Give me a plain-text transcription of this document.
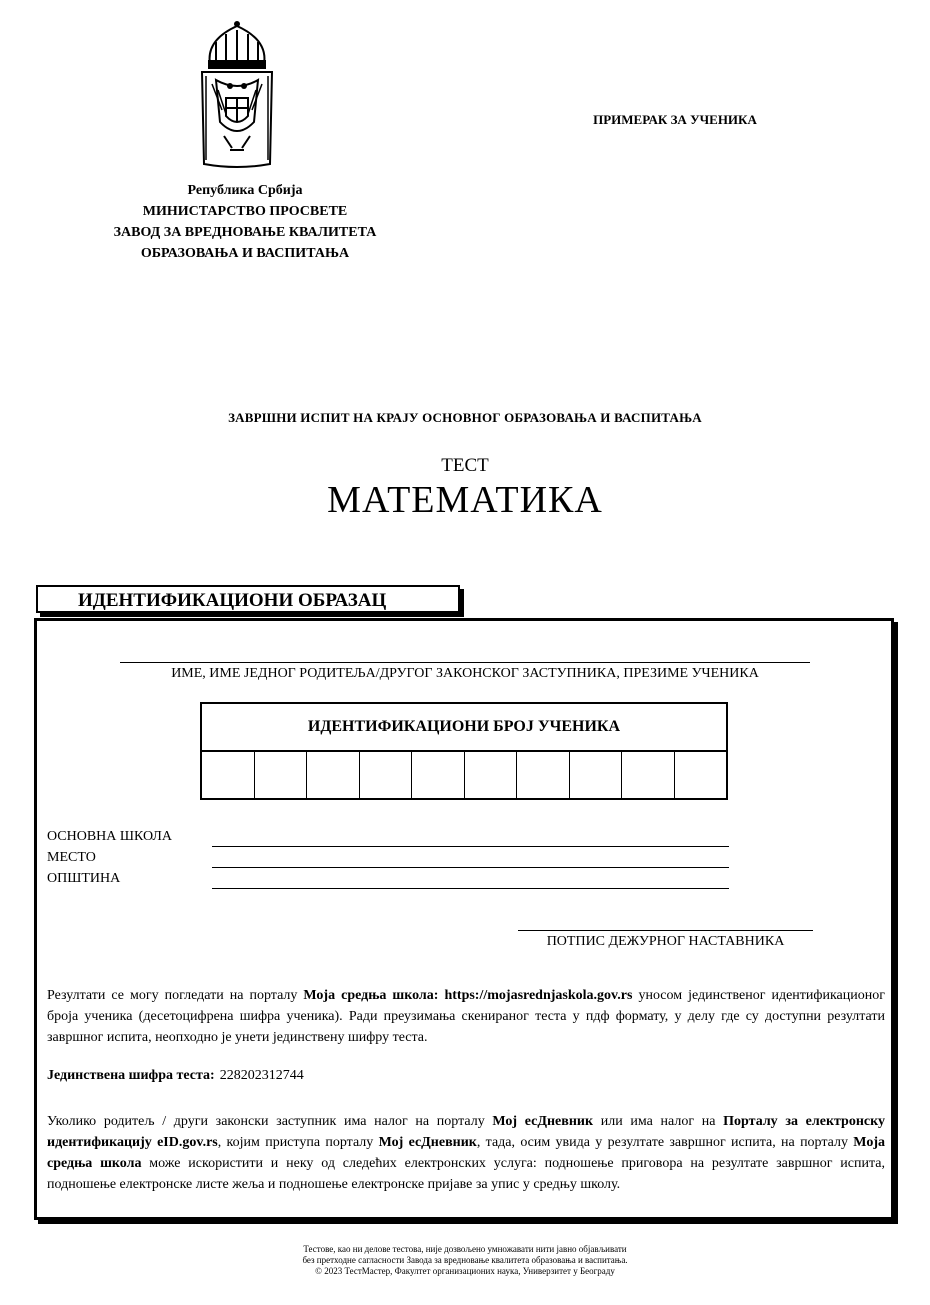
Република Србија
МИНИСТАРСТВО ПРОСВЕТЕ
ЗАВОД ЗА ВРЕДНОВАЊЕ КВАЛИТЕТА
ОБРАЗОВАЊА И ВАСПИТАЊА
ПРИМЕРАК ЗА УЧЕНИКА
ЗАВРШНИ ИСПИТ НА КРАЈУ ОСНОВНОГ ОБРАЗОВАЊА И ВАСПИТАЊА
ТЕСТ
МАТЕМАТИКА
ИДЕНТИФИКАЦИОНИ ОБРАЗАЦ
ИМЕ, ИМЕ ЈЕДНОГ РОДИТЕЉА/ДРУГОГ ЗАКОНСКОГ ЗАСТУПНИКА, ПРЕЗИМЕ УЧЕНИКА
ИДЕНТИФИКАЦИОНИ БРОЈ УЧЕНИКА
ОСНОВНА ШКОЛА
МЕСТО
ОПШТИНА
ПОТПИС ДЕЖУРНОГ НАСТАВНИКА
Резултати се могу погледати на порталу Моја средња школа: https://mojasrednjaskola.gov.rs уносом јединственог идентификационог броја ученика (десетоцифрена шифра ученика). Ради преузимања скенираног теста у пдф формату, у делу где су доступни резултати завршног испита, неопходно је унети јединствену шифру теста.
Јединствена шифра теста: 228202312744
Уколико родитељ / други законски заступник има налог на порталу Мој есДневник или има налог на Порталу за електронску идентификацију eID.gov.rs, којим приступа порталу Мој есДневник, тада, осим увида у резултате завршног испита, на порталу Моја средња школа може искористити и неку од следећих електронских услуга: подношење приговора на резултате завршног испита, подношење електронске листе жеља и подношење електронске пријаве за упис у средњу школу.
Тестове, као ни делове тестова, није дозвољено умножавати нити јавно објављивати
без претходне сагласности Завода за вредновање квалитета образовања и васпитања.
© 2023 ТестМастер, Факултет организационих наука, Универзитет у Београду
